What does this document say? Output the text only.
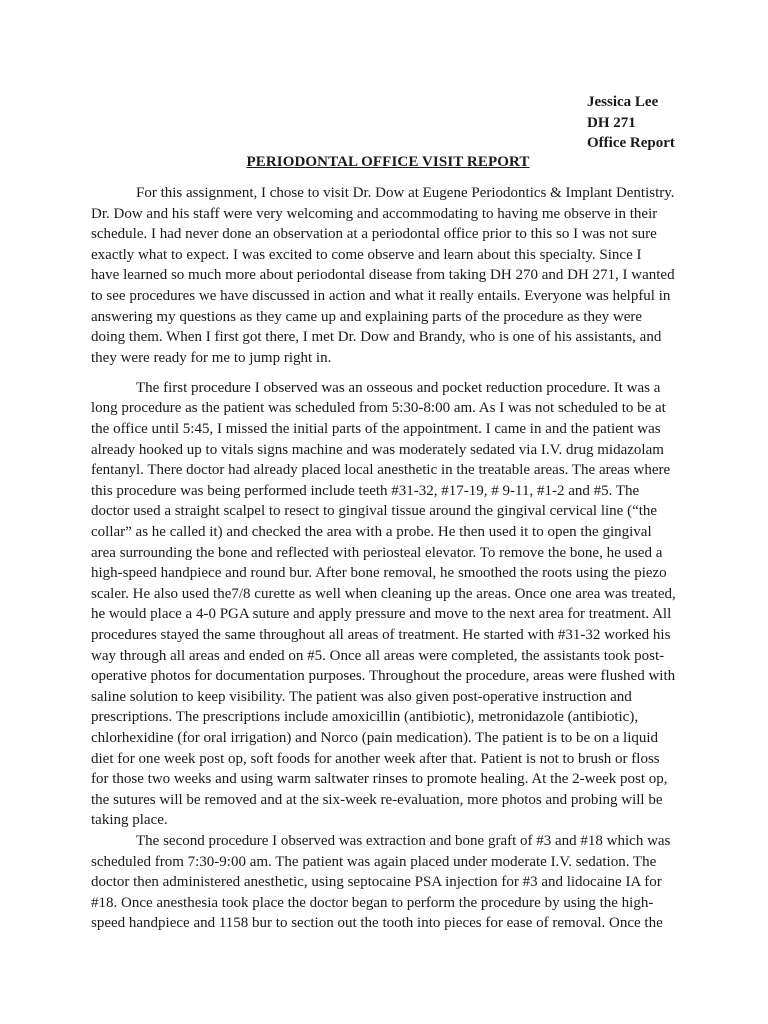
Jessica Lee
DH 271
Office Report
PERIODONTAL OFFICE VISIT REPORT

For this assignment, I chose to visit Dr. Dow at Eugene Periodontics & Implant Dentistry.
Dr. Dow and his staff were very welcoming and accommodating to having me observe in their
schedule. I had never done an observation at a periodontal office prior to this so I was not sure
exactly what to expect. I was excited to come observe and learn about this specialty. Since I
have learned so much more about periodontal disease from taking DH 270 and DH 271, I wanted
to see procedures we have discussed in action and what it really entails. Everyone was helpful in
answering my questions as they came up and explaining parts of the procedure as they were
doing them. When I first got there, I met Dr. Dow and Brandy, who is one of his assistants, and
they were ready for me to jump right in.

The first procedure I observed was an osseous and pocket reduction procedure. It was a
long procedure as the patient was scheduled from 5:30-8:00 am. As I was not scheduled to be at
the office until 5:45, I missed the initial parts of the appointment. I came in and the patient was
already hooked up to vitals signs machine and was moderately sedated via I.V. drug midazolam
fentanyl. There doctor had already placed local anesthetic in the treatable areas. The areas where
this procedure was being performed include teeth #31-32, #17-19, # 9-11, #1-2 and #5. The
doctor used a straight scalpel to resect to gingival tissue around the gingival cervical line (“the
collar” as he called it) and checked the area with a probe. He then used it to open the gingival
area surrounding the bone and reflected with periosteal elevator. To remove the bone, he used a
high-speed handpiece and round bur. After bone removal, he smoothed the roots using the piezo
scaler. He also used the7/8 curette as well when cleaning up the areas. Once one area was treated,
he would place a 4-0 PGA suture and apply pressure and move to the next area for treatment. All
procedures stayed the same throughout all areas of treatment. He started with #31-32 worked his
way through all areas and ended on #5. Once all areas were completed, the assistants took post-
operative photos for documentation purposes. Throughout the procedure, areas were flushed with
saline solution to keep visibility. The patient was also given post-operative instruction and
prescriptions. The prescriptions include amoxicillin (antibiotic), metronidazole (antibiotic),
chlorhexidine (for oral irrigation) and Norco (pain medication). The patient is to be on a liquid
diet for one week post op, soft foods for another week after that. Patient is not to brush or floss
for those two weeks and using warm saltwater rinses to promote healing. At the 2-week post op,
the sutures will be removed and at the six-week re-evaluation, more photos and probing will be
taking place.

The second procedure I observed was extraction and bone graft of #3 and #18 which was
scheduled from 7:30-9:00 am. The patient was again placed under moderate I.V. sedation. The
doctor then administered anesthetic, using septocaine PSA injection for #3 and lidocaine IA for
#18. Once anesthesia took place the doctor began to perform the procedure by using the high-
speed handpiece and 1158 bur to section out the tooth into pieces for ease of removal. Once the
